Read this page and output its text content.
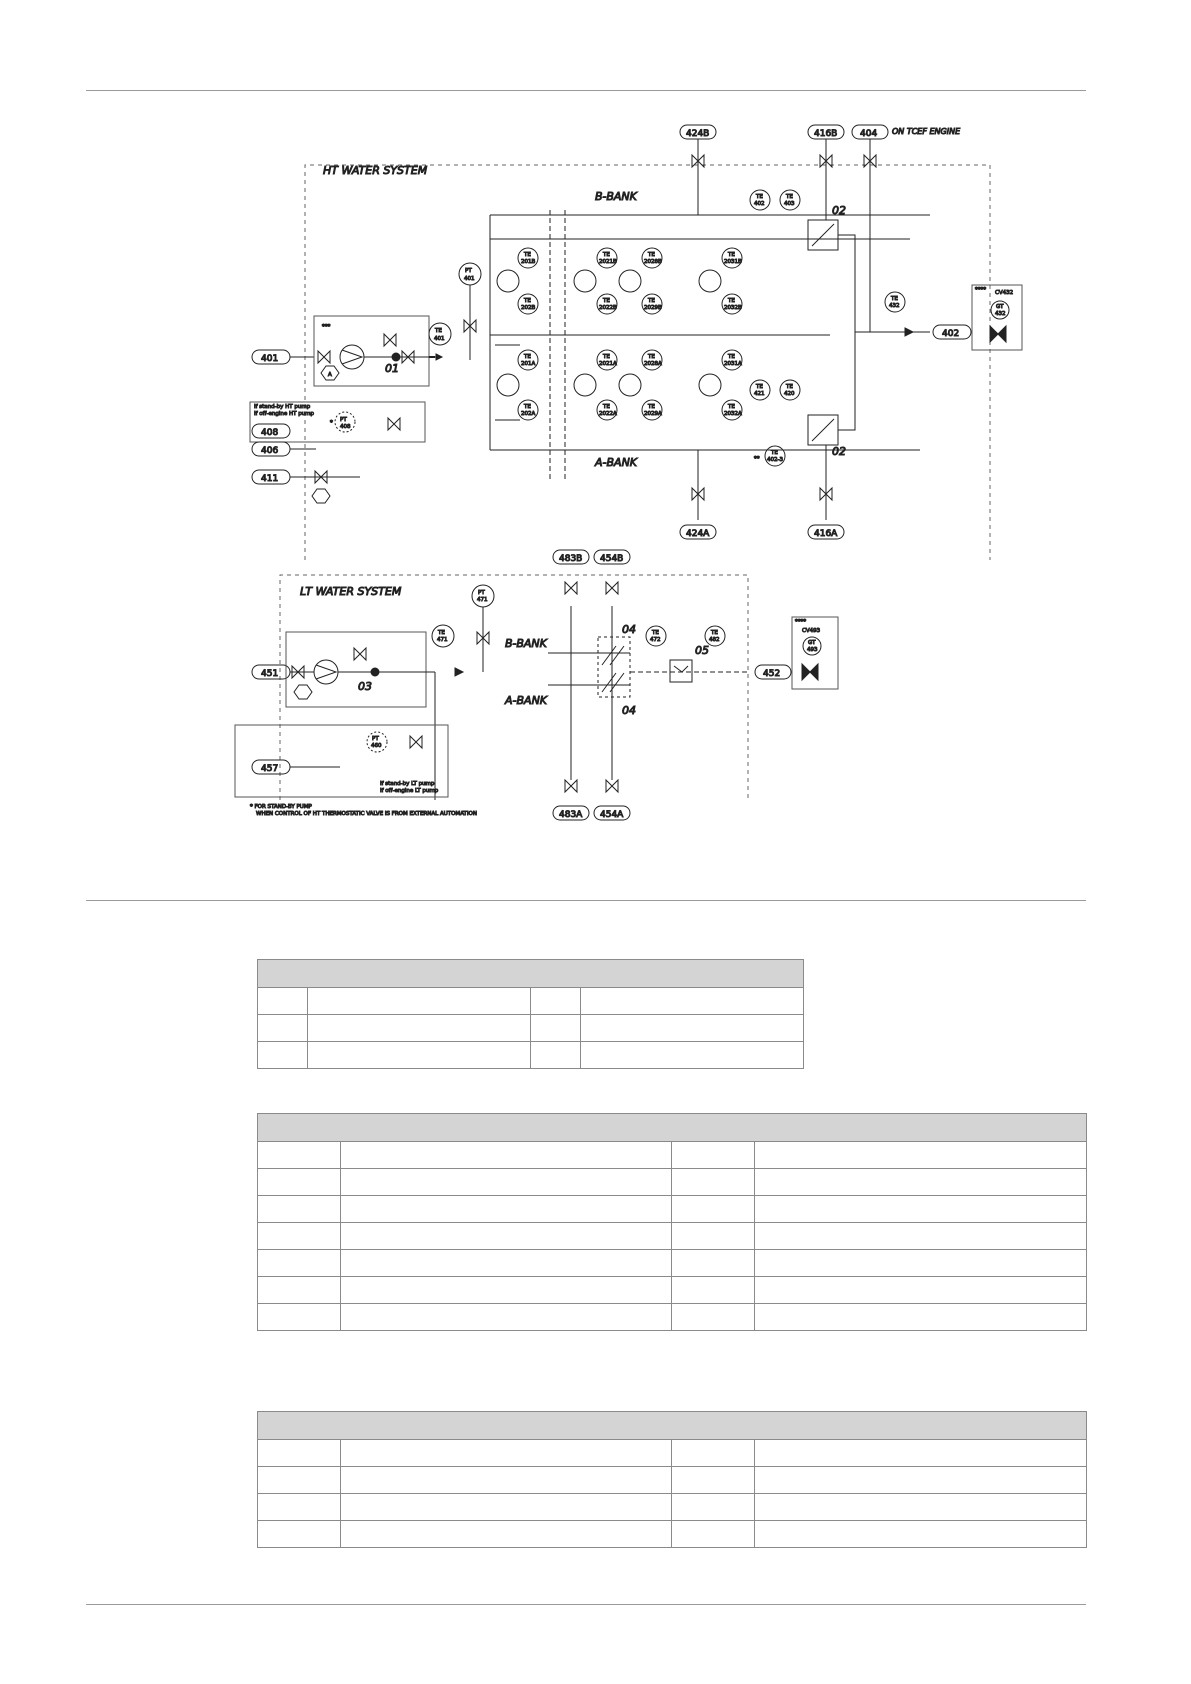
HT WATER SYSTEM
401
***
A	01
If stand-by HT pump
If off-engine HT pump
PT
408
*
408
406
411
TE
401
PT
401
B-BANK
A-BANK
TE
201B
TE
202B
TE
2021B
TE
2022B
TE
2028B
TE
2029B
TE
2031B
TE
2032B
TE
201A
TE
202A
TE
2021A
TE
2022A
TE
2028A
TE
2029A
TE
2031A
TE
2032A
02
02
TE
402
TE
403
TE
421
TE
420
TE
402-3
**
TE
432
402
**** CV432
GT
432
424B	416B	404 ON TCEF ENGINE
424A	416A
LT WATER SYSTEM
451
03
PT
460
If stand-by LT pump
If off-engine LT pump
457
PT
471
TE
471	B-BANK
A-BANK
04
04
TE
472
05
TE
482
452
****
CV493
GT
493
483B 454B
483A 454A
* FOR STAND-BY PUMP
WHEN CONTROL OF HT THERMOSTATIC VALVE IS FROM EXTERNAL AUTOMATION
